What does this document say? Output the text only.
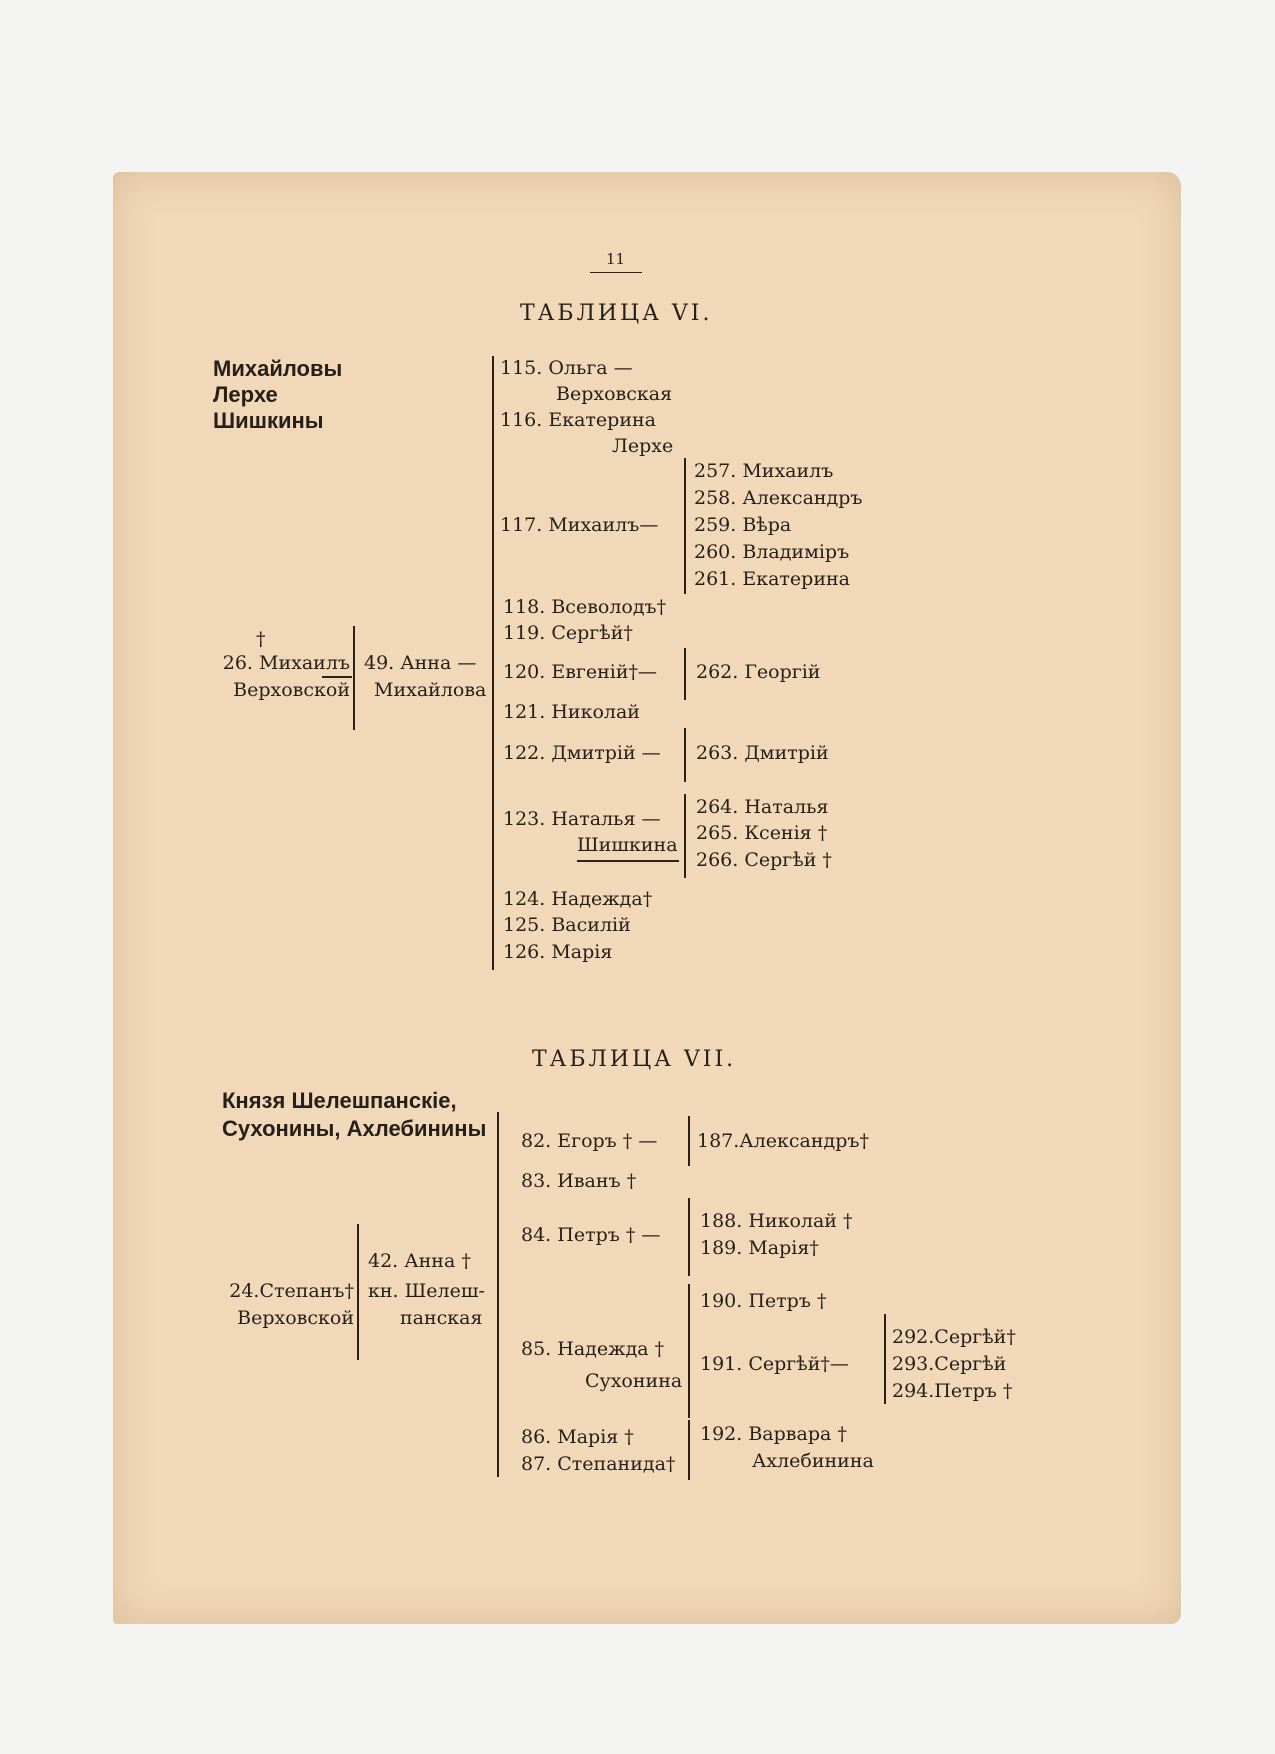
11
ТАБЛИЦА VI.
Михайловы
Лерхе
Шишкины
†
26. Михаилъ
Верховской
49. Анна —
Михайлова
115. Ольга —
Верховская
116. Екатерина
Лерхе
117. Михаилъ—
118. Всеволодъ†
119. Сергѣй†
120. Евгеній†—
121. Николай
122. Дмитрій —
123. Наталья —
Шишкина
124. Надежда†
125. Василій
126. Марія
257. Михаилъ
258. Александръ
259. Вѣра
260. Владиміръ
261. Екатерина
262. Георгій
263. Дмитрій
264. Наталья
265. Ксенія †
266. Сергѣй †
ТАБЛИЦА VII.
Князя Шелешпанскіе,
Сухонины, Ахлебинины
24.Степанъ†
Верховской
42. Анна †
кн. Шелеш-
панская
82. Егоръ † —
83. Иванъ †
84. Петръ † —
85. Надежда †
Сухонина
86. Марія †
87. Степанида†
187.Александръ†
188. Николай †
189. Марія†
190. Петръ †
191. Сергѣй†—
192. Варвара †
Ахлебинина
292.Сергѣй†
293.Сергѣй
294.Петръ †
